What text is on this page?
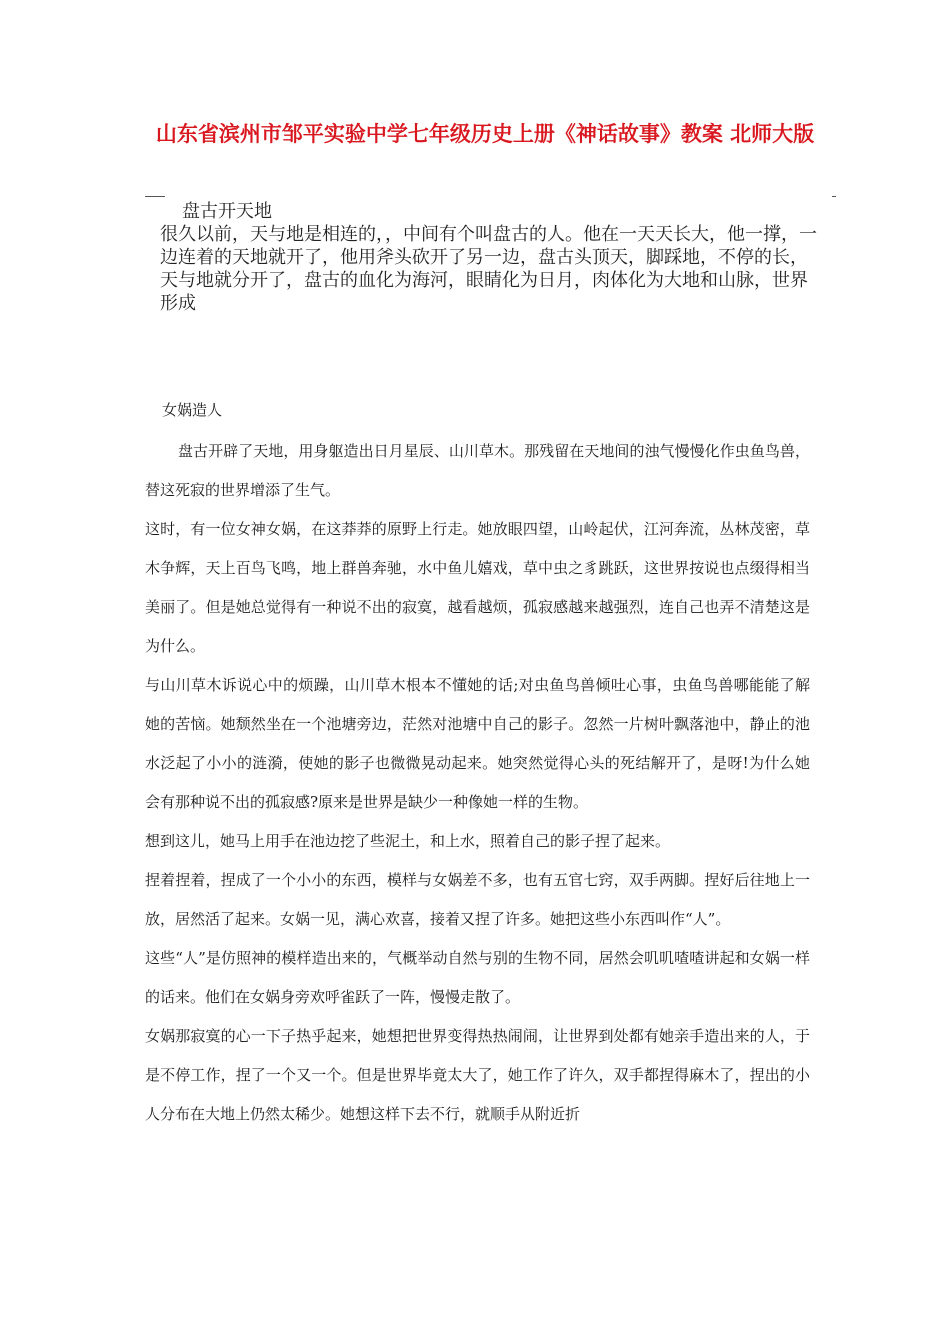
山东省滨州市邹平实验中学七年级历史上册《神话故事》教案 北师大版
盘古开天地

很久以前，天与地是相连的，，中间有个叫盘古的人。他在一天天长大，他一撑，一边连着的天地就开了，他用斧头砍开了另一边，盘古头顶天，脚踩地，不停的长，天与地就分开了，盘古的血化为海河，眼睛化为日月，肉体化为大地和山脉，世界形成

女娲造人

盘古开辟了天地，用身躯造出日月星辰、山川草木。那残留在天地间的浊气慢慢化作虫鱼鸟兽，替这死寂的世界增添了生气。

这时，有一位女神女娲，在这莽莽的原野上行走。她放眼四望，山岭起伏，江河奔流，丛林茂密，草木争辉，天上百鸟飞鸣，地上群兽奔驰，水中鱼儿嬉戏，草中虫之豸跳跃，这世界按说也点缀得相当美丽了。但是她总觉得有一种说不出的寂寞，越看越烦，孤寂感越来越强烈，连自己也弄不清楚这是为什么。

与山川草木诉说心中的烦躁，山川草木根本不懂她的话;对虫鱼鸟兽倾吐心事，虫鱼鸟兽哪能能了解她的苦恼。她颓然坐在一个池塘旁边，茫然对池塘中自己的影子。忽然一片树叶飘落池中，静止的池水泛起了小小的涟漪，使她的影子也微微晃动起来。她突然觉得心头的死结解开了，是呀!为什么她会有那种说不出的孤寂感?原来是世界是缺少一种像她一样的生物。

想到这儿，她马上用手在池边挖了些泥土，和上水，照着自己的影子捏了起来。

捏着捏着，捏成了一个小小的东西，模样与女娲差不多，也有五官七窍，双手两脚。捏好后往地上一放，居然活了起来。女娲一见，满心欢喜，接着又捏了许多。她把这些小东西叫作“人”。

这些“人”是仿照神的模样造出来的，气概举动自然与别的生物不同，居然会叽叽喳喳讲起和女娲一样的话来。他们在女娲身旁欢呼雀跃了一阵，慢慢走散了。

女娲那寂寞的心一下子热乎起来，她想把世界变得热热闹闹，让世界到处都有她亲手造出来的人，于是不停工作，捏了一个又一个。但是世界毕竟太大了，她工作了许久，双手都捏得麻木了，捏出的小人分布在大地上仍然太稀少。她想这样下去不行，就顺手从附近折
